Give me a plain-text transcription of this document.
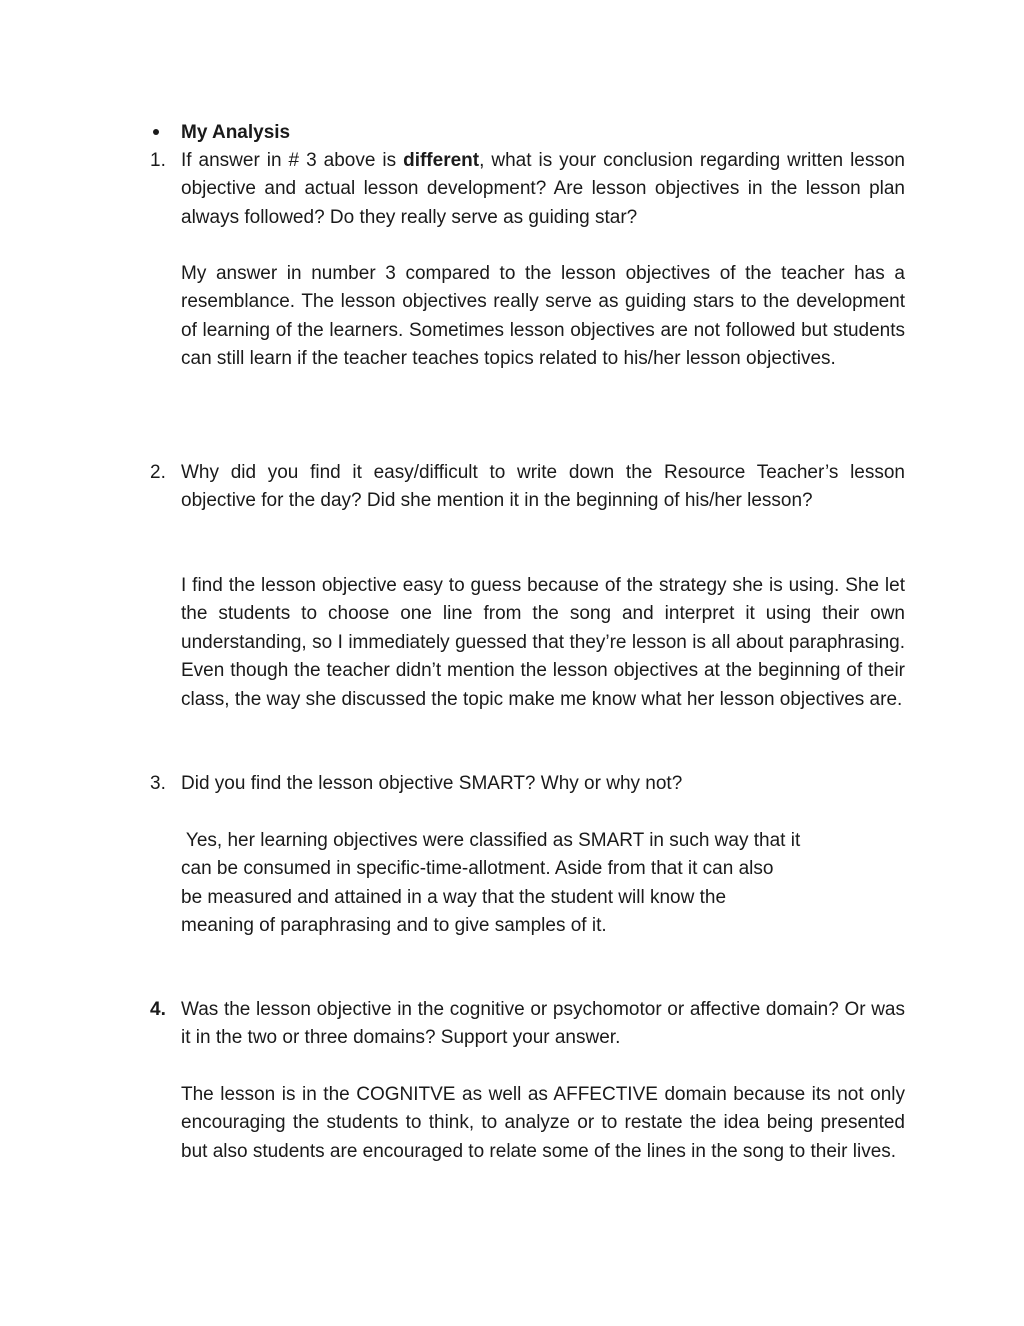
My Analysis
1. If answer in # 3 above is different, what is your conclusion regarding written lesson objective and actual lesson development? Are lesson objectives in the lesson plan always followed? Do they really serve as guiding star?

My answer in number 3 compared to the lesson objectives of the teacher has a resemblance. The lesson objectives really serve as guiding stars to the development of learning of the learners. Sometimes lesson objectives are not followed but students can still learn if the teacher teaches topics related to his/her lesson objectives.

2. Why did you find it easy/difficult to write down the Resource Teacher’s lesson objective for the day? Did she mention it in the beginning of his/her lesson?

I find the lesson objective easy to guess because of the strategy she is using. She let the students to choose one line from the song and interpret it using their own understanding, so I immediately guessed that they’re lesson is all about paraphrasing. Even though the teacher didn’t mention the lesson objectives at the beginning of their class, the way she discussed the topic make me know what her lesson objectives are.

3. Did you find the lesson objective SMART? Why or why not?

Yes, her learning objectives were classified as SMART in such way that it
can be consumed in specific-time-allotment. Aside from that it can also
be measured and attained in a way that the student will know the
meaning of paraphrasing and to give samples of it.
4. Was the lesson objective in the cognitive or psychomotor or affective domain? Or was it in the two or three domains? Support your answer.

The lesson is in the COGNITVE as well as AFFECTIVE domain because its not only encouraging the students to think, to analyze or to restate the idea being presented but also students are encouraged to relate some of the lines in the song to their lives.
